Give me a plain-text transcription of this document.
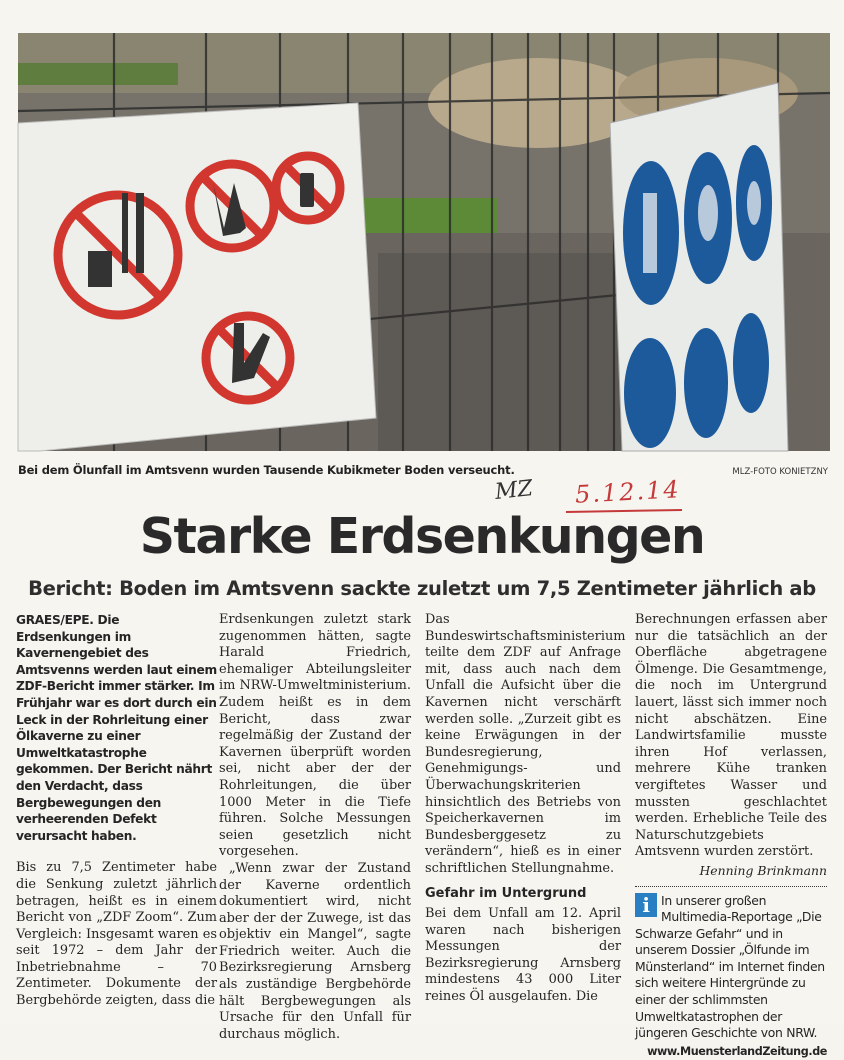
Bei dem Ölunfall im Amtsvenn wurden Tausende Kubikmeter Boden verseucht.	MLZ-FOTO KONIETZNY
MZ 5.12.14
Starke Erdsenkungen
Bericht: Boden im Amtsvenn sackte zuletzt um 7,5 Zentimeter jährlich ab

GRAES/EPE. Die Erdsenkungen im Kavernengebiet des Amtsvenns werden laut einem ZDF-Bericht immer stärker. Im Frühjahr war es dort durch ein Leck in der Rohrleitung einer Ölkaverne zu einer Umweltkatastrophe gekommen. Der Bericht nährt den Verdacht, dass Bergbewegungen den verheerenden Defekt verursacht haben.

Bis zu 7,5 Zentimeter habe die Senkung zuletzt jährlich betragen, heißt es in einem Bericht von „ZDF Zoom“. Zum Vergleich: Insgesamt waren es seit 1972 – dem Jahr der Inbetriebnahme – 70 Zentimeter. Dokumente der Bergbehörde zeigten, dass die

Erdsenkungen zuletzt stark zugenommen hätten, sagte Harald Friedrich, ehemaliger Abteilungsleiter im NRW-Umweltministerium. Zudem heißt es in dem Bericht, dass zwar regelmäßig der Zustand der Kavernen überprüft worden sei, nicht aber der der Rohrleitungen, die über 1000 Meter in die Tiefe führen. Solche Messungen seien gesetzlich nicht vorgesehen.

„Wenn zwar der Zustand der Kaverne ordentlich dokumentiert wird, nicht aber der der Zuwege, ist das objektiv ein Mangel“, sagte Friedrich weiter. Auch die Bezirksregierung Arnsberg als zuständige Bergbehörde hält Bergbewegungen als Ursache für den Unfall für durchaus möglich.

Das Bundeswirtschaftsministerium teilte dem ZDF auf Anfrage mit, dass auch nach dem Unfall die Aufsicht über die Kavernen nicht verschärft werden solle. „Zurzeit gibt es keine Erwägungen in der Bundesregierung, Genehmigungs- und Überwachungskriterien hinsichtlich des Betriebs von Speicherkavernen im Bundesberggesetz zu verändern“, hieß es in einer schriftlichen Stellungnahme.

Gefahr im Untergrund

Bei dem Unfall am 12. April waren nach bisherigen Messungen der Bezirksregierung Arnsberg mindestens 43 000 Liter reines Öl ausgelaufen. Die

Berechnungen erfassen aber nur die tatsächlich an der Oberfläche abgetragene Ölmenge. Die Gesamtmenge, die noch im Untergrund lauert, lässt sich immer noch nicht abschätzen. Eine Landwirtsfamilie musste ihren Hof verlassen, mehrere Kühe tranken vergiftetes Wasser und mussten geschlachtet werden. Erhebliche Teile des Naturschutzgebiets Amtsvenn wurden zerstört.

Henning Brinkmann
i In unserer großen Multimedia-Reportage „Die Schwarze Gefahr“ und in unserem Dossier „Ölfunde im Münsterland“ im Internet finden sich weitere Hintergründe zu einer der schlimmsten Umweltkatastrophen der jüngeren Geschichte von NRW.
www.MuensterlandZeitung.de
